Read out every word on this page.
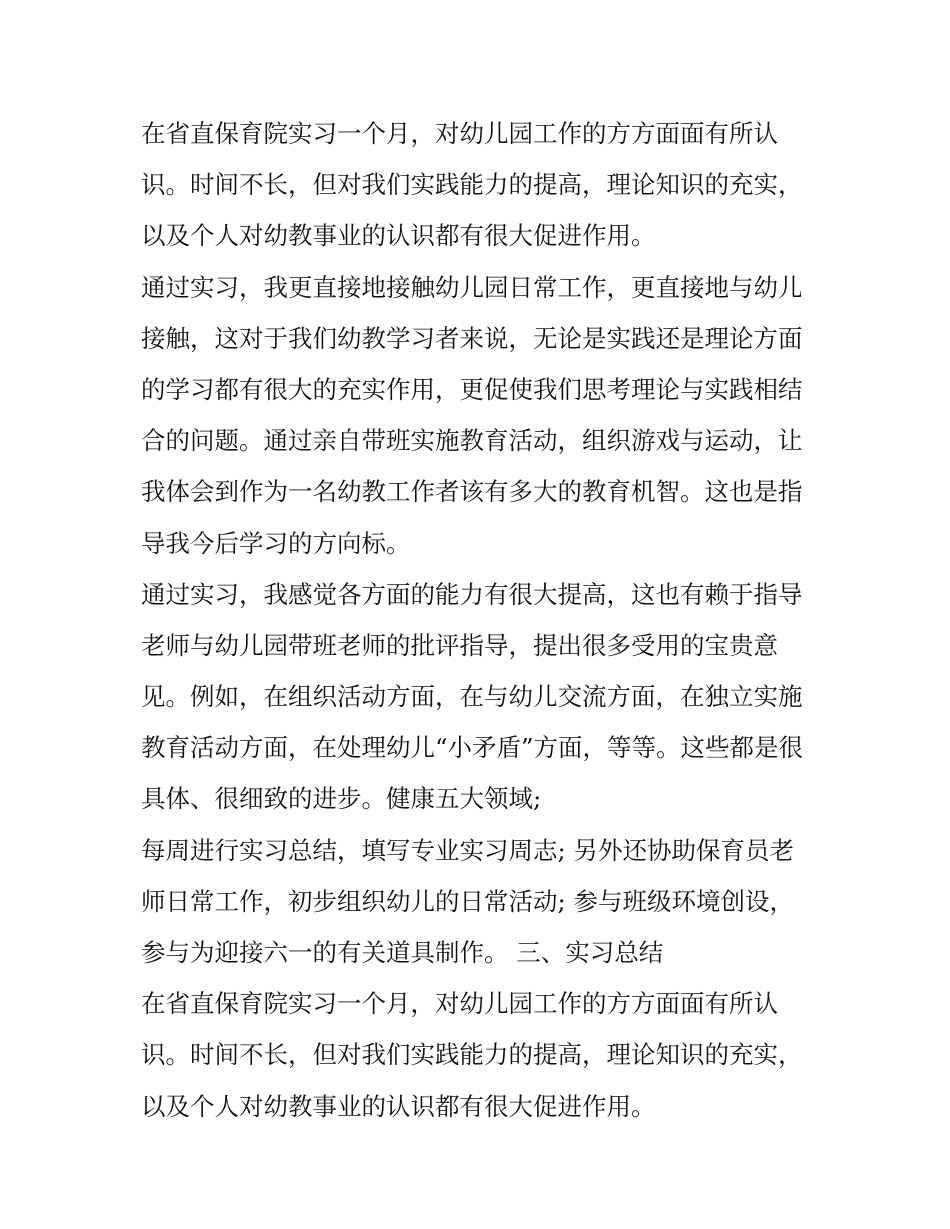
在省直保育院实习一个月，对幼儿园工作的方方面面有所认
识。时间不长，但对我们实践能力的提高，理论知识的充实，
以及个人对幼教事业的认识都有很大促进作用。

通过实习，我更直接地接触幼儿园日常工作，更直接地与幼儿
接触，这对于我们幼教学习者来说，无论是实践还是理论方面
的学习都有很大的充实作用，更促使我们思考理论与实践相结
合的问题。通过亲自带班实施教育活动，组织游戏与运动，让
我体会到作为一名幼教工作者该有多大的教育机智。这也是指
导我今后学习的方向标。

通过实习，我感觉各方面的能力有很大提高，这也有赖于指导
老师与幼儿园带班老师的批评指导，提出很多受用的宝贵意
见。例如，在组织活动方面，在与幼儿交流方面，在独立实施
教育活动方面，在处理幼儿“小矛盾”方面，等等。这些都是很
具体、很细致的进步。健康五大领域;

每周进行实习总结，填写专业实习周志; 另外还协助保育员老
师日常工作，初步组织幼儿的日常活动; 参与班级环境创设，
参与为迎接六一的有关道具制作。 三、实习总结

在省直保育院实习一个月，对幼儿园工作的方方面面有所认
识。时间不长，但对我们实践能力的提高，理论知识的充实，
以及个人对幼教事业的认识都有很大促进作用。
